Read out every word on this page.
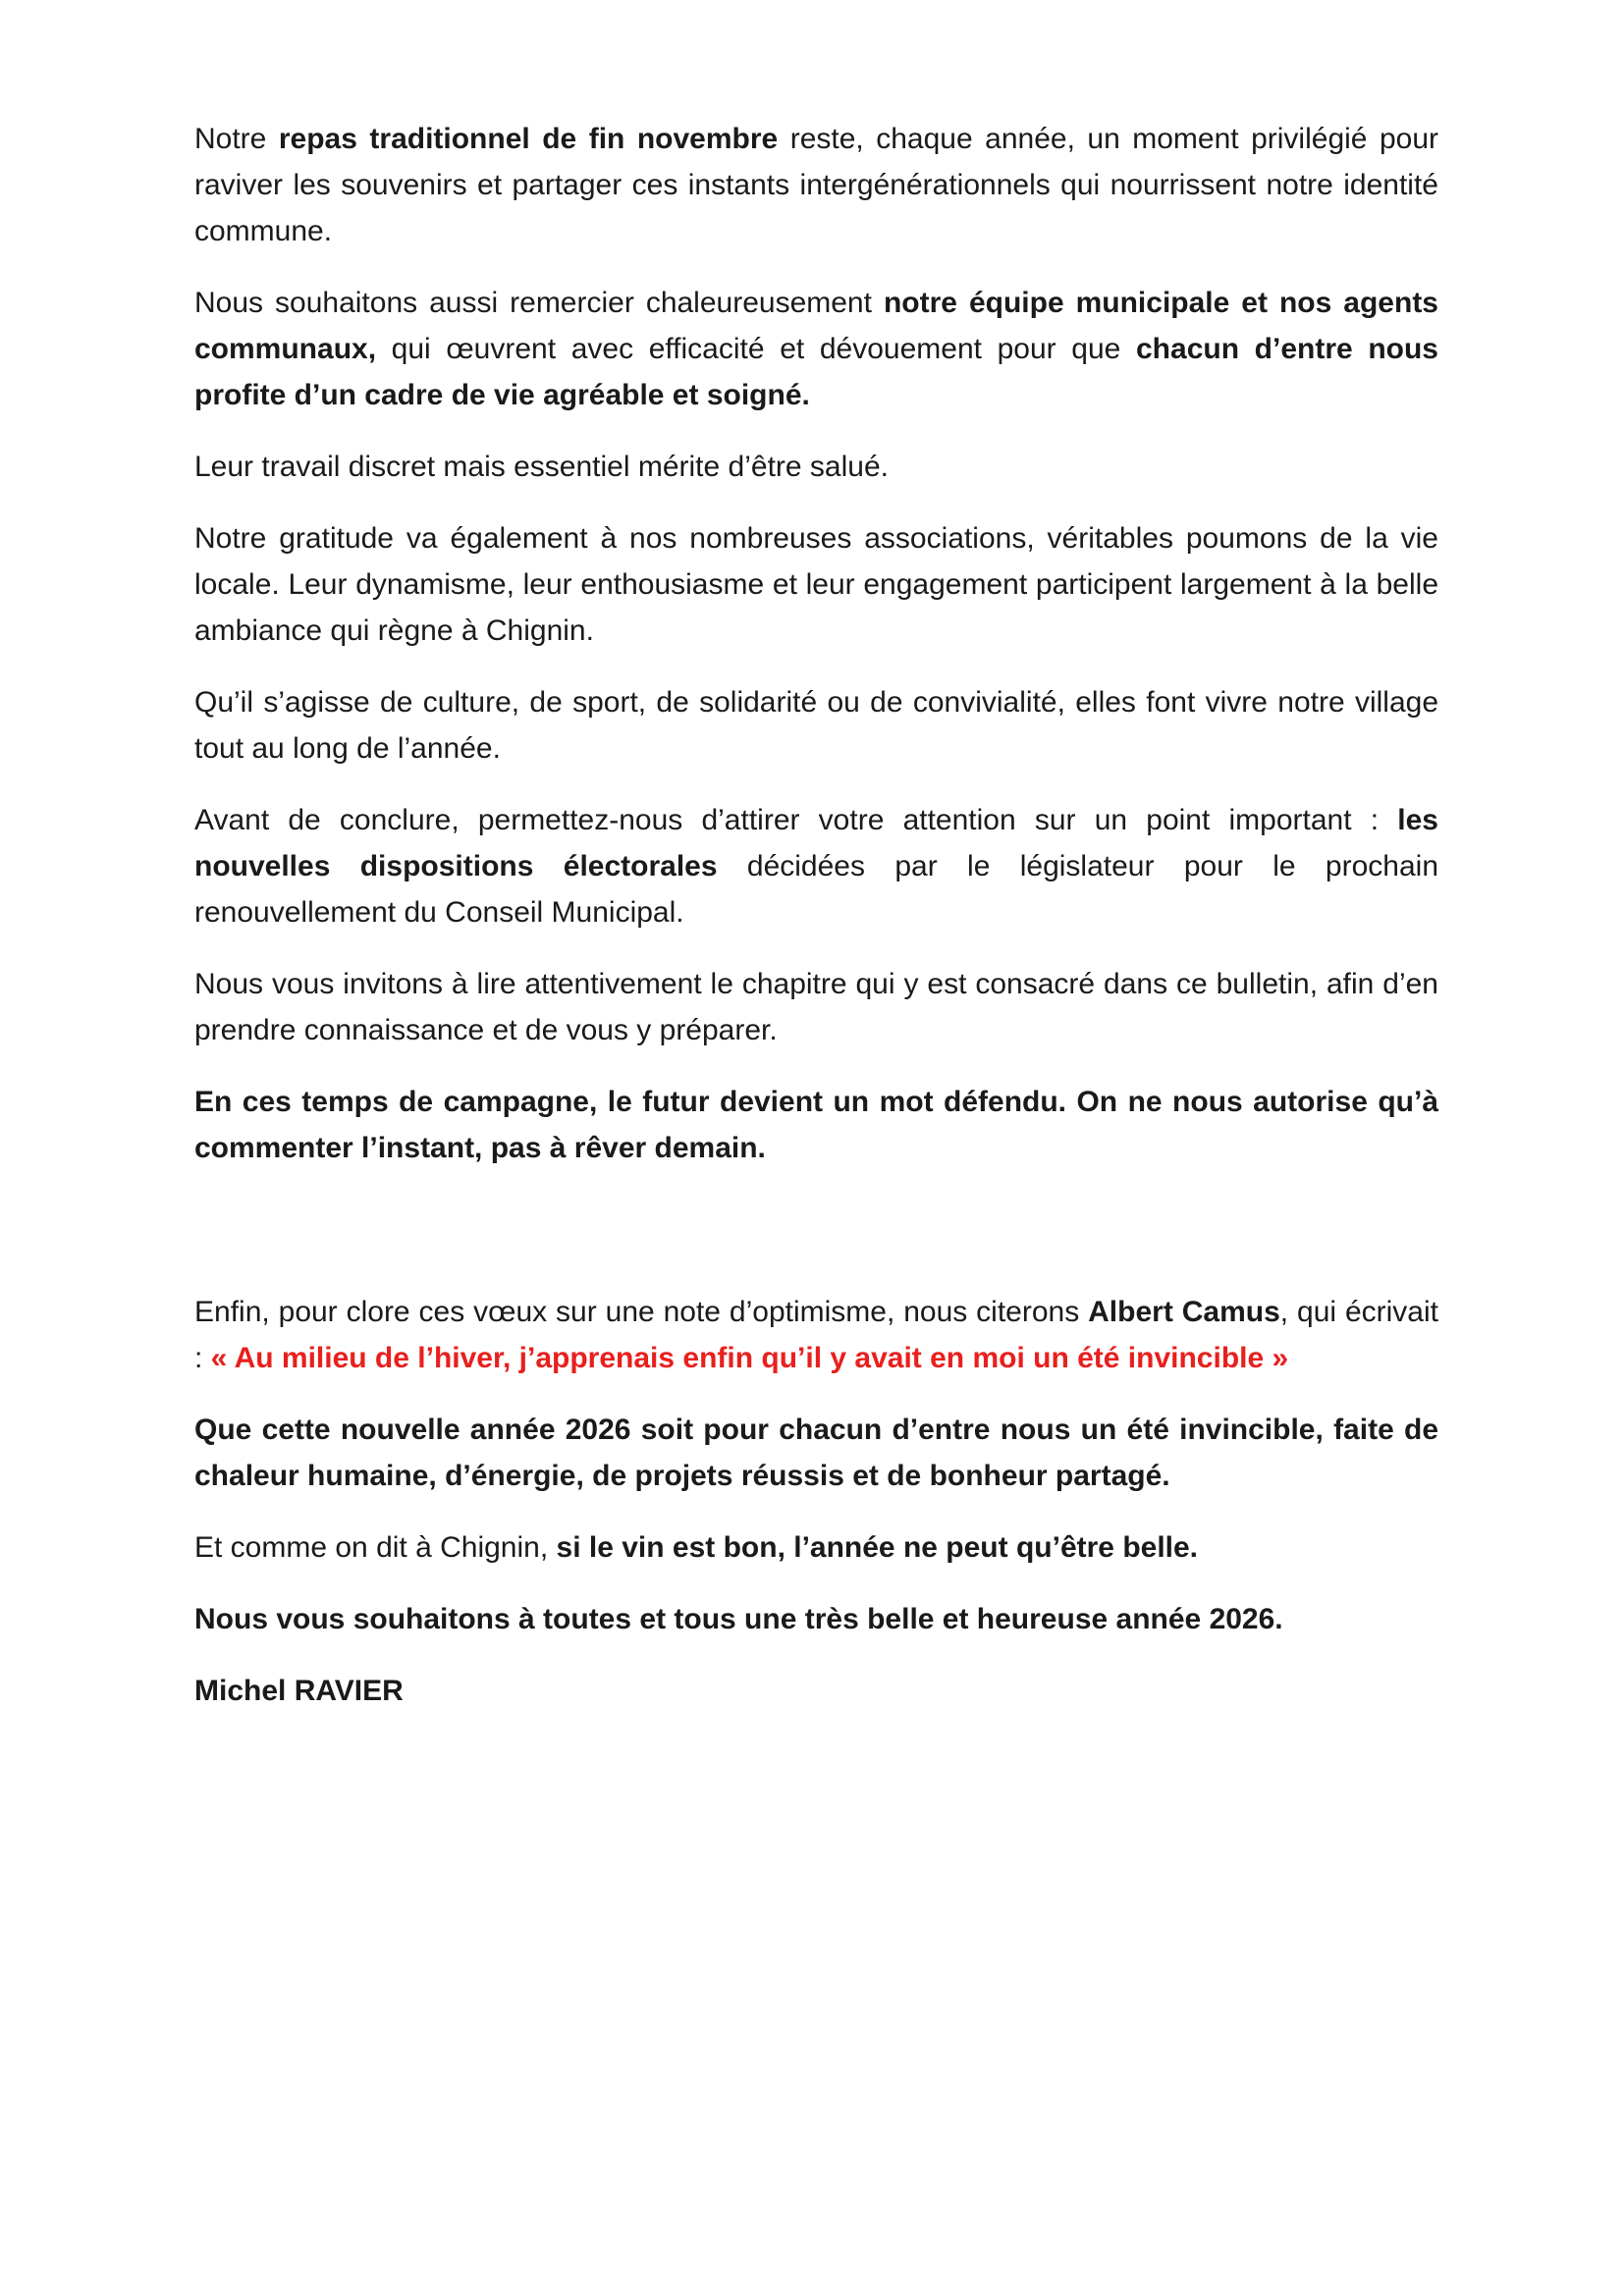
Notre repas traditionnel de fin novembre reste, chaque année, un moment privilégié pour raviver les souvenirs et partager ces instants intergénérationnels qui nourrissent notre identité commune.

Nous souhaitons aussi remercier chaleureusement notre équipe municipale et nos agents communaux, qui œuvrent avec efficacité et dévouement pour que chacun d’entre nous profite d’un cadre de vie agréable et soigné.

Leur travail discret mais essentiel mérite d’être salué.

Notre gratitude va également à nos nombreuses associations, véritables poumons de la vie locale. Leur dynamisme, leur enthousiasme et leur engagement participent largement à la belle ambiance qui règne à Chignin.

Qu’il s’agisse de culture, de sport, de solidarité ou de convivialité, elles font vivre notre village tout au long de l’année.

Avant de conclure, permettez-nous d’attirer votre attention sur un point important : les nouvelles dispositions électorales décidées par le législateur pour le prochain renouvellement du Conseil Municipal.

Nous vous invitons à lire attentivement le chapitre qui y est consacré dans ce bulletin, afin d’en prendre connaissance et de vous y préparer.

En ces temps de campagne, le futur devient un mot défendu. On ne nous autorise qu’à commenter l’instant, pas à rêver demain.

Enfin, pour clore ces vœux sur une note d’optimisme, nous citerons Albert Camus, qui écrivait : « Au milieu de l’hiver, j’apprenais enfin qu’il y avait en moi un été invincible »

Que cette nouvelle année 2026 soit pour chacun d’entre nous un été invincible, faite de chaleur humaine, d’énergie, de projets réussis et de bonheur partagé.

Et comme on dit à Chignin, si le vin est bon, l’année ne peut qu’être belle.

Nous vous souhaitons à toutes et tous une très belle et heureuse année 2026.

Michel RAVIER
